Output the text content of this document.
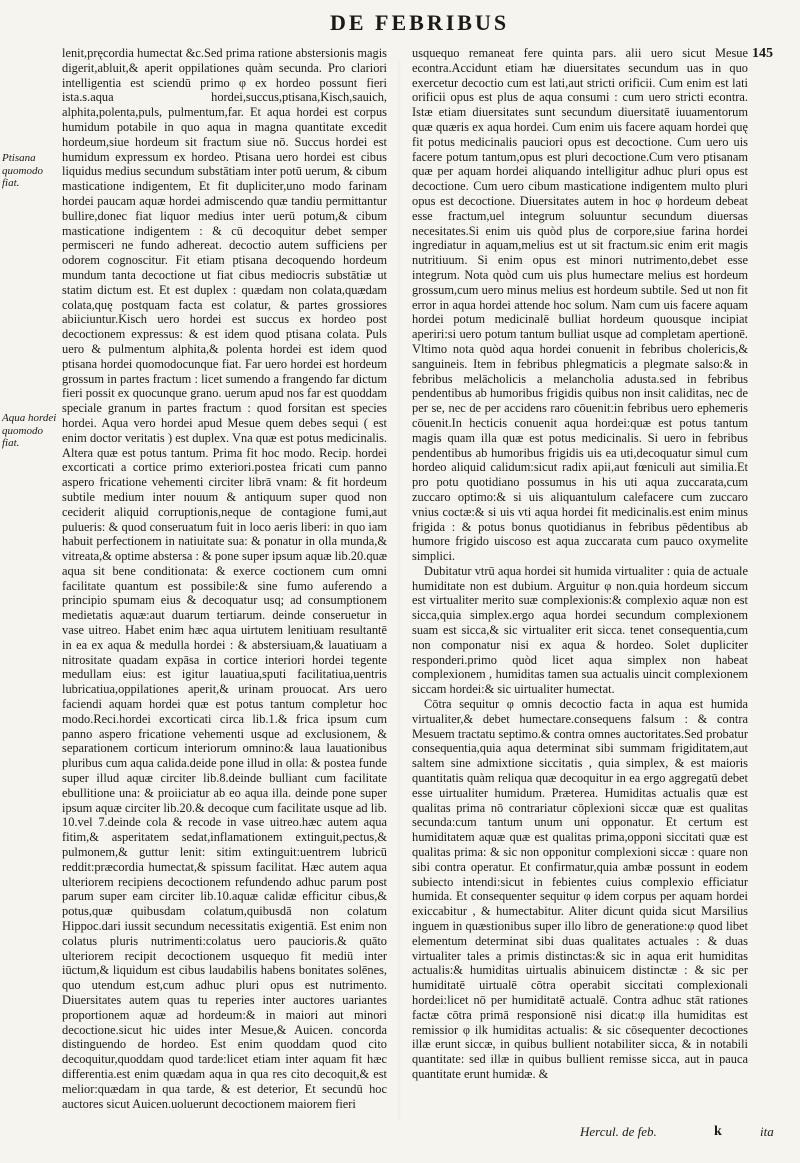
DE FEBRIBUS
145
Ptisana quomodo fiat.
Aqua hordei quomodo fiat.

lenit,pręcordia humectat &c.Sed prima ratione abstersionis magis digerit,abluit,& aperit oppilationes quàm secunda. Pro clariori intelligentia est sciendū primo φ ex hordeo possunt fieri ista.s.aqua hordei,succus,ptisana,Kisch,sauich, alphita,polenta,puls, pulmentum,far. Et aqua hordei est corpus humidum potabile in quo aqua in magna quantitate excedit hordeum,siue hordeum sit fractum siue nō. Succus hordei est humidum expressum ex hordeo. Ptisana uero hordei est cibus liquidus medius secundum substātiam inter potū uerum, & cibum masticatione indigentem, Et fit dupliciter,uno modo farinam hordei paucam aquæ hordei admiscendo quæ tandiu permittantur bullire,donec fiat liquor medius inter uerū potum,& cibum masticatione indigentem : & cū decoquitur debet semper permisceri ne fundo adhereat. decoctio autem sufficiens per odorem cognoscitur. Fit etiam ptisana decoquendo hordeum mundum tanta decoctione ut fiat cibus mediocris substātiæ ut statim dictum est. Et est duplex : quædam non colata,quædam colata,quę postquam facta est colatur, & partes grossiores abiiciuntur.Kisch uero hordei est succus ex hordeo post decoctionem expressus: & est idem quod ptisana colata. Puls uero & pulmentum alphita,& polenta hordei est idem quod ptisana hordei quomodocunque fiat. Far uero hordei est hordeum grossum in partes fractum : licet sumendo a frangendo far dictum fieri possit ex quocunque grano. uerum apud nos far est quoddam speciale granum in partes fractum : quod forsitan est species hordei. Aqua vero hordei apud Mesue quem debes sequi ( est enim doctor veritatis ) est duplex. Vna quæ est potus medicinalis. Altera quæ est potus tantum. Prima fit hoc modo. Recip. hordei excorticati a cortice primo exteriori.postea fricati cum panno aspero fricatione vehementi circiter librā vnam: & fit hordeum subtile medium inter nouum & antiquum super quod non ceciderit aliquid corruptionis,neque de contagione fumi,aut pulueris: & quod conseruatum fuit in loco aeris liberi: in quo iam habuit perfectionem in natiuitate sua: & ponatur in olla munda,& vitreata,& optime abstersa : & pone super ipsum aquæ lib.20.quæ aqua sit bene conditionata: & exerce coctionem cum omni facilitate quantum est possibile:& sine fumo auferendo a principio spumam eius & decoquatur usq; ad consumptionem medietatis aquæ:aut duarum tertiarum. deinde conseruetur in vase uitreo. Habet enim hæc aqua uirtutem lenitiuam resultantē in ea ex aqua & medulla hordei : & abstersiuam,& lauatiuam a nitrositate quadam expāsa in cortice interiori hordei tegente medullam eius: est igitur lauatiua,sputi facilitatiua,uentris lubricatiua,oppilationes aperit,& urinam prouocat. Ars uero faciendi aquam hordei quæ est potus tantum completur hoc modo.Reci.hordei excorticati circa lib.1.& frica ipsum cum panno aspero fricatione vehementi usque ad exclusionem, & separationem corticum interiorum omnino:& laua lauationibus pluribus cum aqua calida.deide pone illud in olla: & postea funde super illud aquæ circiter lib.8.deinde bulliant cum facilitate ebullitione una: & proiiciatur ab eo aqua illa. deinde pone super ipsum aquæ circiter lib.20.& decoque cum facilitate usque ad lib. 10.vel 7.deinde cola & recode in vase uitreo.hæc autem aqua fitim,& asperitatem sedat,inflamationem extinguit,pectus,& pulmonem,& guttur lenit: sitim extinguit:uentrem lubricū reddit:præcordia humectat,& spissum facilitat. Hæc autem aqua ulteriorem recipiens decoctionem refundendo adhuc parum post parum super eam circiter lib.10.aquæ calidæ efficitur cibus,& potus,quæ quibusdam colatum,quibusdā non colatum Hippoc.dari iussit secundum necessitatis exigentiā. Est enim non colatus pluris nutrimenti:colatus uero paucioris.& quāto ulteriorem recipit decoctionem usquequo fit mediū inter iūctum,& liquidum est cibus laudabilis habens bonitates solēnes, quo utendum est,cum adhuc pluri opus est nutrimento. Diuersitates autem quas tu reperies inter auctores uariantes proportionem aquæ ad hordeum:& in maiori aut minori decoctione.sicut hic uides inter Mesue,& Auicen. concorda distinguendo de hordeo. Est enim quoddam quod cito decoquitur,quoddam quod tarde:licet etiam inter aquam fit hæc differentia.est enim quædam aqua in qua res cito decoquit,& est melior:quædam in qua tarde, & est deterior, Et secundū hoc auctores sicut Auicen.uoluerunt decoctionem maiorem fieri

usquequo remaneat fere quinta pars. alii uero sicut Mesue econtra.Accidunt etiam hæ diuersitates secundum uas in quo exercetur decoctio cum est lati,aut stricti orificii. Cum enim est lati orificii opus est plus de aqua consumi : cum uero stricti econtra. Istæ etiam diuersitates sunt secundum diuersitatē iuuamentorum quæ quæris ex aqua hordei. Cum enim uis facere aquam hordei quę fit potus medicinalis pauciori opus est decoctione. Cum uero uis facere potum tantum,opus est pluri decoctione.Cum vero ptisanam quæ per aquam hordei aliquando intelligitur adhuc pluri opus est decoctione. Cum uero cibum masticatione indigentem multo pluri opus est decoctione. Diuersitates autem in hoc φ hordeum debeat esse fractum,uel integrum soluuntur secundum diuersas necesitates.Si enim uis quòd plus de corpore,siue farina hordei ingrediatur in aquam,melius est ut sit fractum.sic enim erit magis nutritiuum. Si enim opus est minori nutrimento,debet esse integrum. Nota quòd cum uis plus humectare melius est hordeum grossum,cum uero minus melius est hordeum subtile. Sed ut non fit error in aqua hordei attende hoc solum. Nam cum uis facere aquam hordei potum medicinalē bulliat hordeum quousque incipiat aperiri:si uero potum tantum bulliat usque ad completam apertionē. Vltimo nota quòd aqua hordei conuenit in febribus cholericis,& sanguineis. Item in febribus phlegmaticis a plegmate salso:& in febribus melācholicis a melancholia adusta.sed in febribus pendentibus ab humoribus frigidis quibus non insit caliditas, nec de per se, nec de per accidens raro cōuenit:in febribus uero ephemeris cōuenit.In hecticis conuenit aqua hordei:quæ est potus tantum magis quam illa quæ est potus medicinalis. Si uero in febribus pendentibus ab humoribus frigidis uis ea uti,decoquatur simul cum hordeo aliquid calidum:sicut radix apii,aut fœniculi aut similia.Et pro potu quotidiano possumus in his uti aqua zuccarata,cum zuccaro optimo:& si uis aliquantulum calefacere cum zuccaro vnius coctæ:& si uis vti aqua hordei fit medicinalis.est enim minus frigida : & potus bonus quotidianus in febribus pēdentibus ab humore frigido uiscoso est aqua zuccarata cum pauco oxymelite simplici.

Dubitatur vtrū aqua hordei sit humida virtualiter : quia de actuale humiditate non est dubium. Arguitur φ non.quia hordeum siccum est virtualiter merito suæ complexionis:& complexio aquæ non est sicca,quia simplex.ergo aqua hordei secundum complexionem suam est sicca,& sic virtualiter erit sicca. tenet consequentia,cum non componatur nisi ex aqua & hordeo. Solet dupliciter responderi.primo quòd licet aqua simplex non habeat complexionem , humiditas tamen sua actualis uincit complexionem siccam hordei:& sic uirtualiter humectat.

Cōtra sequitur φ omnis decoctio facta in aqua est humida virtualiter,& debet humectare.consequens falsum : & contra Mesuem tractatu septimo.& contra omnes auctoritates.Sed probatur consequentia,quia aqua determinat sibi summam frigiditatem,aut saltem sine admixtione siccitatis , quia simplex, & est maioris quantitatis quàm reliqua quæ decoquitur in ea ergo aggregatū debet esse uirtualiter humidum. Præterea. Humiditas actualis quæ est qualitas prima nō contrariatur cōplexioni siccæ quæ est qualitas secunda:cum tantum unum uni opponatur. Et certum est humiditatem aquæ quæ est qualitas prima,opponi siccitati quæ est qualitas prima: & sic non opponitur complexioni siccæ : quare non sibi contra operatur. Et confirmatur,quia ambæ possunt in eodem subiecto intendi:sicut in febientes cuius complexio efficiatur humida. Et consequenter sequitur φ idem corpus per aquam hordei exiccabitur , & humectabitur. Aliter dicunt quida sicut Marsilius inguem in quæstionibus super illo libro de generatione:φ quod libet elementum determinat sibi duas qualitates actuales : & duas virtualiter tales a primis distinctas:& sic in aqua erit humiditas actualis:& humiditas uirtualis abinuicem distinctæ : & sic per humiditatē uirtualē cōtra operabit siccitati complexionali hordei:licet nō per humiditatē actualē. Contra adhuc stāt rationes factæ cōtra primā responsionē nisi dicat:φ illa humiditas est remissior φ ilk humiditas actualis: & sic cōsequenter decoctiones illæ erunt siccæ, in quibus bullient notabiliter sicca, & in notabili quantitate: sed illæ in quibus bullient remisse sicca, aut in pauca quantitate erunt humidæ. &

Hercul. de feb.	k	ita
